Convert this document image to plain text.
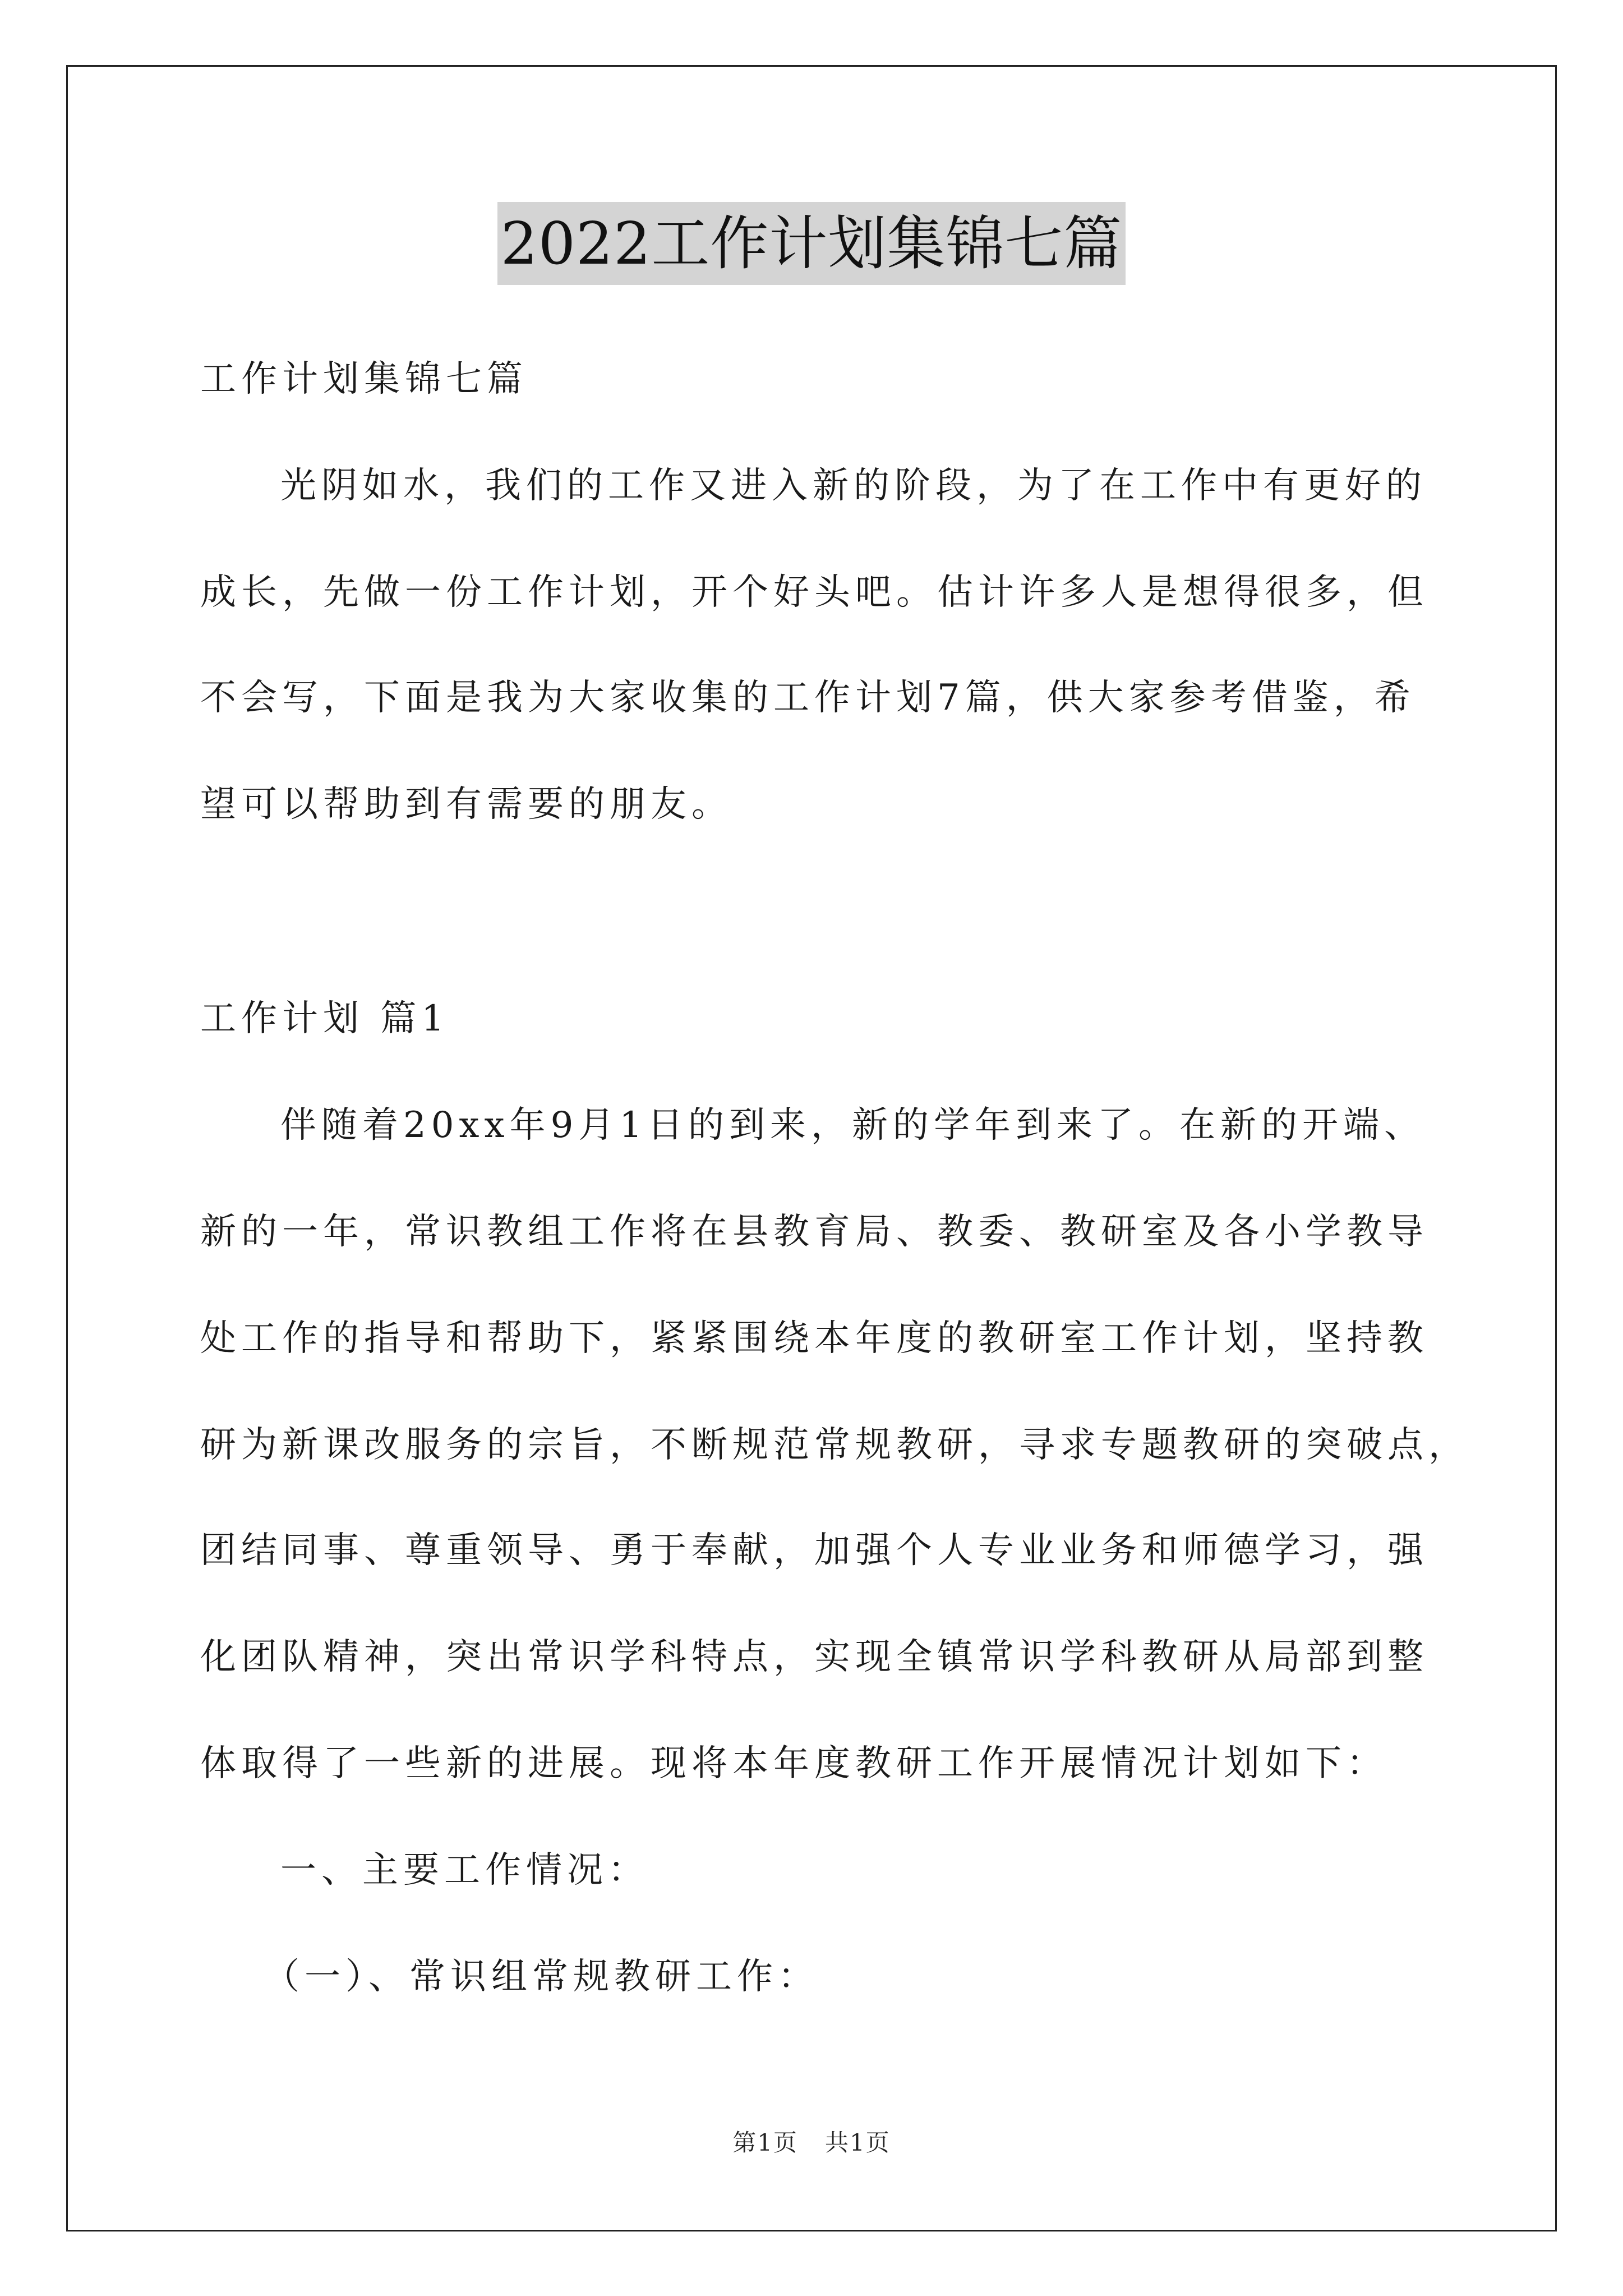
2022工作计划集锦七篇
工作计划集锦七篇
光阴如水，我们的工作又进入新的阶段，为了在工作中有更好的
成长，先做一份工作计划，开个好头吧。估计许多人是想得很多，但
不会写，下面是我为大家收集的工作计划7篇，供大家参考借鉴，希
望可以帮助到有需要的朋友。
工作计划 篇1
伴随着20xx年9月1日的到来，新的学年到来了。在新的开端、
新的一年，常识教组工作将在县教育局、教委、教研室及各小学教导
处工作的指导和帮助下，紧紧围绕本年度的教研室工作计划，坚持教
研为新课改服务的宗旨，不断规范常规教研，寻求专题教研的突破点，
团结同事、尊重领导、勇于奉献，加强个人专业业务和师德学习，强
化团队精神，突出常识学科特点，实现全镇常识学科教研从局部到整
体取得了一些新的进展。现将本年度教研工作开展情况计划如下：
一、主要工作情况：
（一）、常识组常规教研工作：
第1页 共1页
